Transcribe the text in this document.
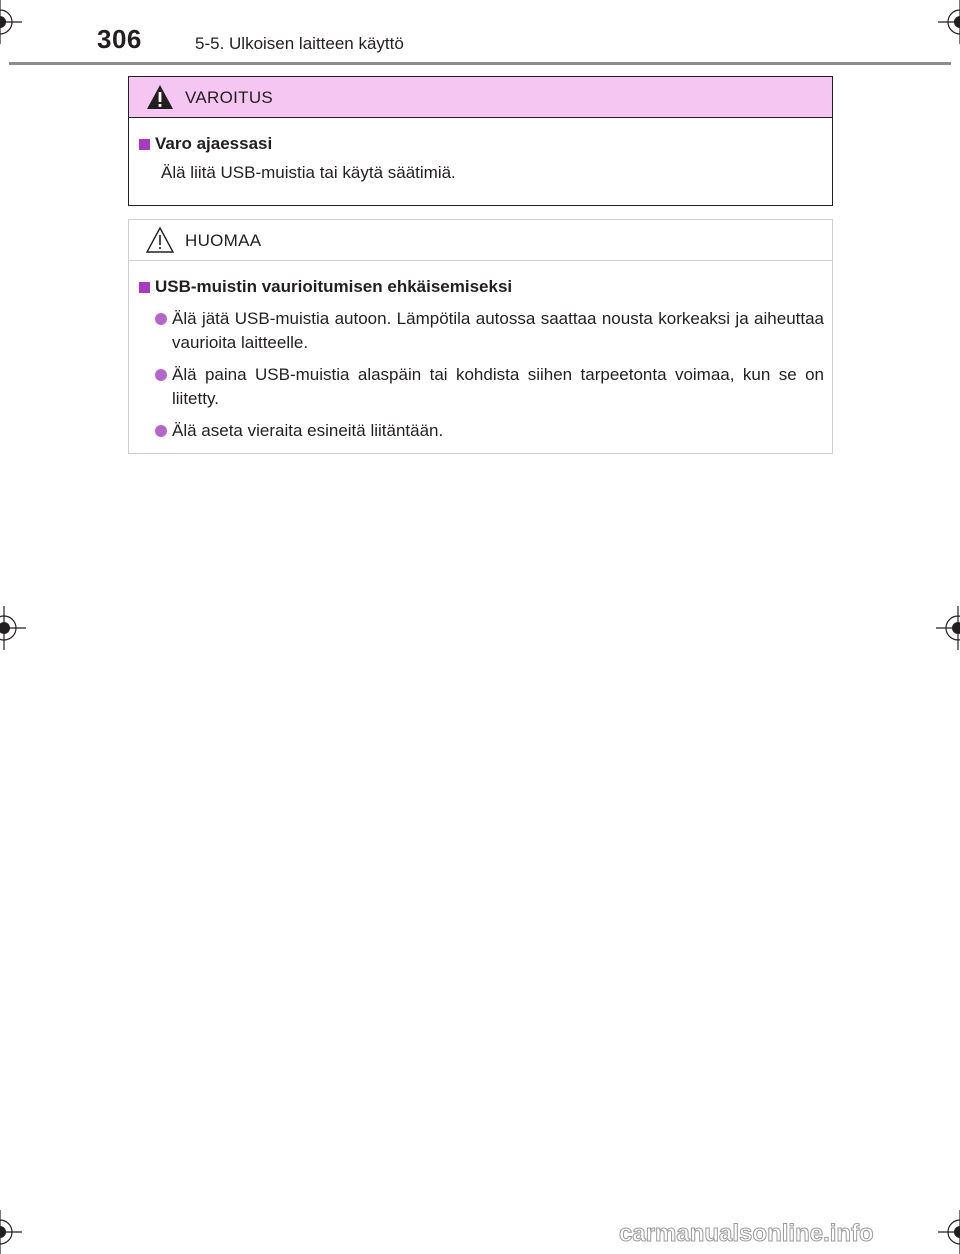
306	5-5. Ulkoisen laitteen käyttö
VAROITUS
Varo ajaessasi
Älä liitä USB-muistia tai käytä säätimiä.
HUOMAA
USB-muistin vaurioitumisen ehkäisemiseksi
Älä jätä USB-muistia autoon. Lämpötila autossa saattaa nousta korkeaksi ja aiheuttaa vaurioita laitteelle.
Älä paina USB-muistia alaspäin tai kohdista siihen tarpeetonta voimaa, kun se on liitetty.
Älä aseta vieraita esineitä liitäntään.
carmanualsonline.info
